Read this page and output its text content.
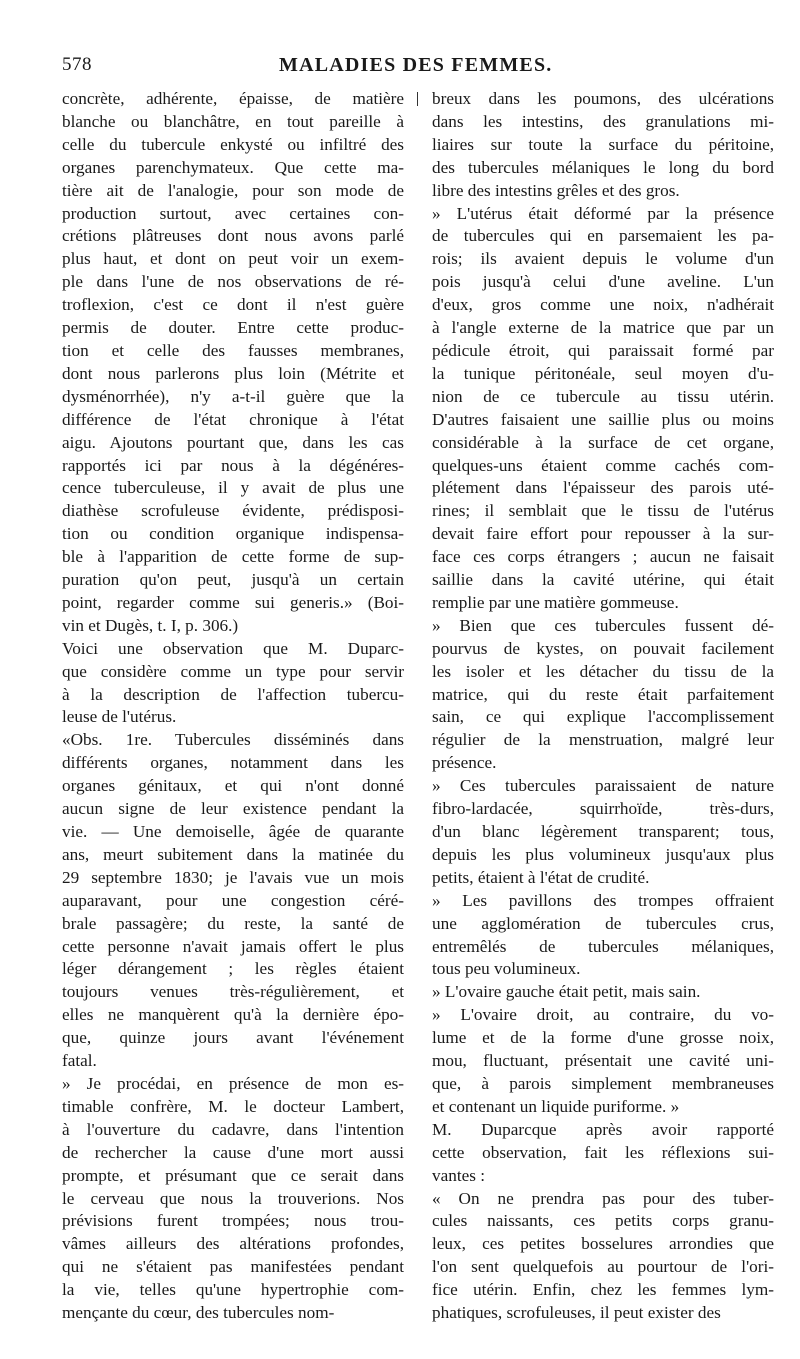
578	MALADIES DES FEMMES.
concrète, adhérente, épaisse, de matière
blanche ou blanchâtre, en tout pareille à
celle du tubercule enkysté ou infiltré des
organes parenchymateux. Que cette ma-
tière ait de l'analogie, pour son mode de
production surtout, avec certaines con-
crétions plâtreuses dont nous avons parlé
plus haut, et dont on peut voir un exem-
ple dans l'une de nos observations de ré-
troflexion, c'est ce dont il n'est guère
permis de douter. Entre cette produc-
tion et celle des fausses membranes,
dont nous parlerons plus loin (Métrite et
dysménorrhée), n'y a-t-il guère que la
différence de l'état chronique à l'état
aigu. Ajoutons pourtant que, dans les cas
rapportés ici par nous à la dégénéres-
cence tuberculeuse, il y avait de plus une
diathèse scrofuleuse évidente, prédisposi-
tion ou condition organique indispensa-
ble à l'apparition de cette forme de sup-
puration qu'on peut, jusqu'à un certain
point, regarder comme sui generis.» (Boi-
vin et Dugès, t. I, p. 306.)
Voici une observation que M. Duparc-
que considère comme un type pour servir
à la description de l'affection tubercu-
leuse de l'utérus.
«Obs. 1re. Tubercules disséminés dans
différents organes, notamment dans les
organes génitaux, et qui n'ont donné
aucun signe de leur existence pendant la
vie. — Une demoiselle, âgée de quarante
ans, meurt subitement dans la matinée du
29 septembre 1830; je l'avais vue un mois
auparavant, pour une congestion céré-
brale passagère; du reste, la santé de
cette personne n'avait jamais offert le plus
léger dérangement ; les règles étaient
toujours venues très-régulièrement, et
elles ne manquèrent qu'à la dernière épo-
que, quinze jours avant l'événement
fatal.
» Je procédai, en présence de mon es-
timable confrère, M. le docteur Lambert,
à l'ouverture du cadavre, dans l'intention
de rechercher la cause d'une mort aussi
prompte, et présumant que ce serait dans
le cerveau que nous la trouverions. Nos
prévisions furent trompées; nous trou-
vâmes ailleurs des altérations profondes,
qui ne s'étaient pas manifestées pendant
la vie, telles qu'une hypertrophie com-
mençante du cœur, des tubercules nom-
breux dans les poumons, des ulcérations
dans les intestins, des granulations mi-
liaires sur toute la surface du péritoine,
des tubercules mélaniques le long du bord
libre des intestins grêles et des gros.
» L'utérus était déformé par la présence
de tubercules qui en parsemaient les pa-
rois; ils avaient depuis le volume d'un
pois jusqu'à celui d'une aveline. L'un
d'eux, gros comme une noix, n'adhérait
à l'angle externe de la matrice que par un
pédicule étroit, qui paraissait formé par
la tunique péritonéale, seul moyen d'u-
nion de ce tubercule au tissu utérin.
D'autres faisaient une saillie plus ou moins
considérable à la surface de cet organe,
quelques-uns étaient comme cachés com-
plétement dans l'épaisseur des parois uté-
rines; il semblait que le tissu de l'utérus
devait faire effort pour repousser à la sur-
face ces corps étrangers ; aucun ne faisait
saillie dans la cavité utérine, qui était
remplie par une matière gommeuse.
» Bien que ces tubercules fussent dé-
pourvus de kystes, on pouvait facilement
les isoler et les détacher du tissu de la
matrice, qui du reste était parfaitement
sain, ce qui explique l'accomplissement
régulier de la menstruation, malgré leur
présence.
» Ces tubercules paraissaient de nature
fibro-lardacée, squirrhoïde, très-durs,
d'un blanc légèrement transparent; tous,
depuis les plus volumineux jusqu'aux plus
petits, étaient à l'état de crudité.
» Les pavillons des trompes offraient
une agglomération de tubercules crus,
entremêlés de tubercules mélaniques,
tous peu volumineux.
» L'ovaire gauche était petit, mais sain.
» L'ovaire droit, au contraire, du vo-
lume et de la forme d'une grosse noix,
mou, fluctuant, présentait une cavité uni-
que, à parois simplement membraneuses
et contenant un liquide puriforme. »
M. Duparcque après avoir rapporté
cette observation, fait les réflexions sui-
vantes :
« On ne prendra pas pour des tuber-
cules naissants, ces petits corps granu-
leux, ces petites bosselures arrondies que
l'on sent quelquefois au pourtour de l'ori-
fice utérin. Enfin, chez les femmes lym-
phatiques, scrofuleuses, il peut exister des
